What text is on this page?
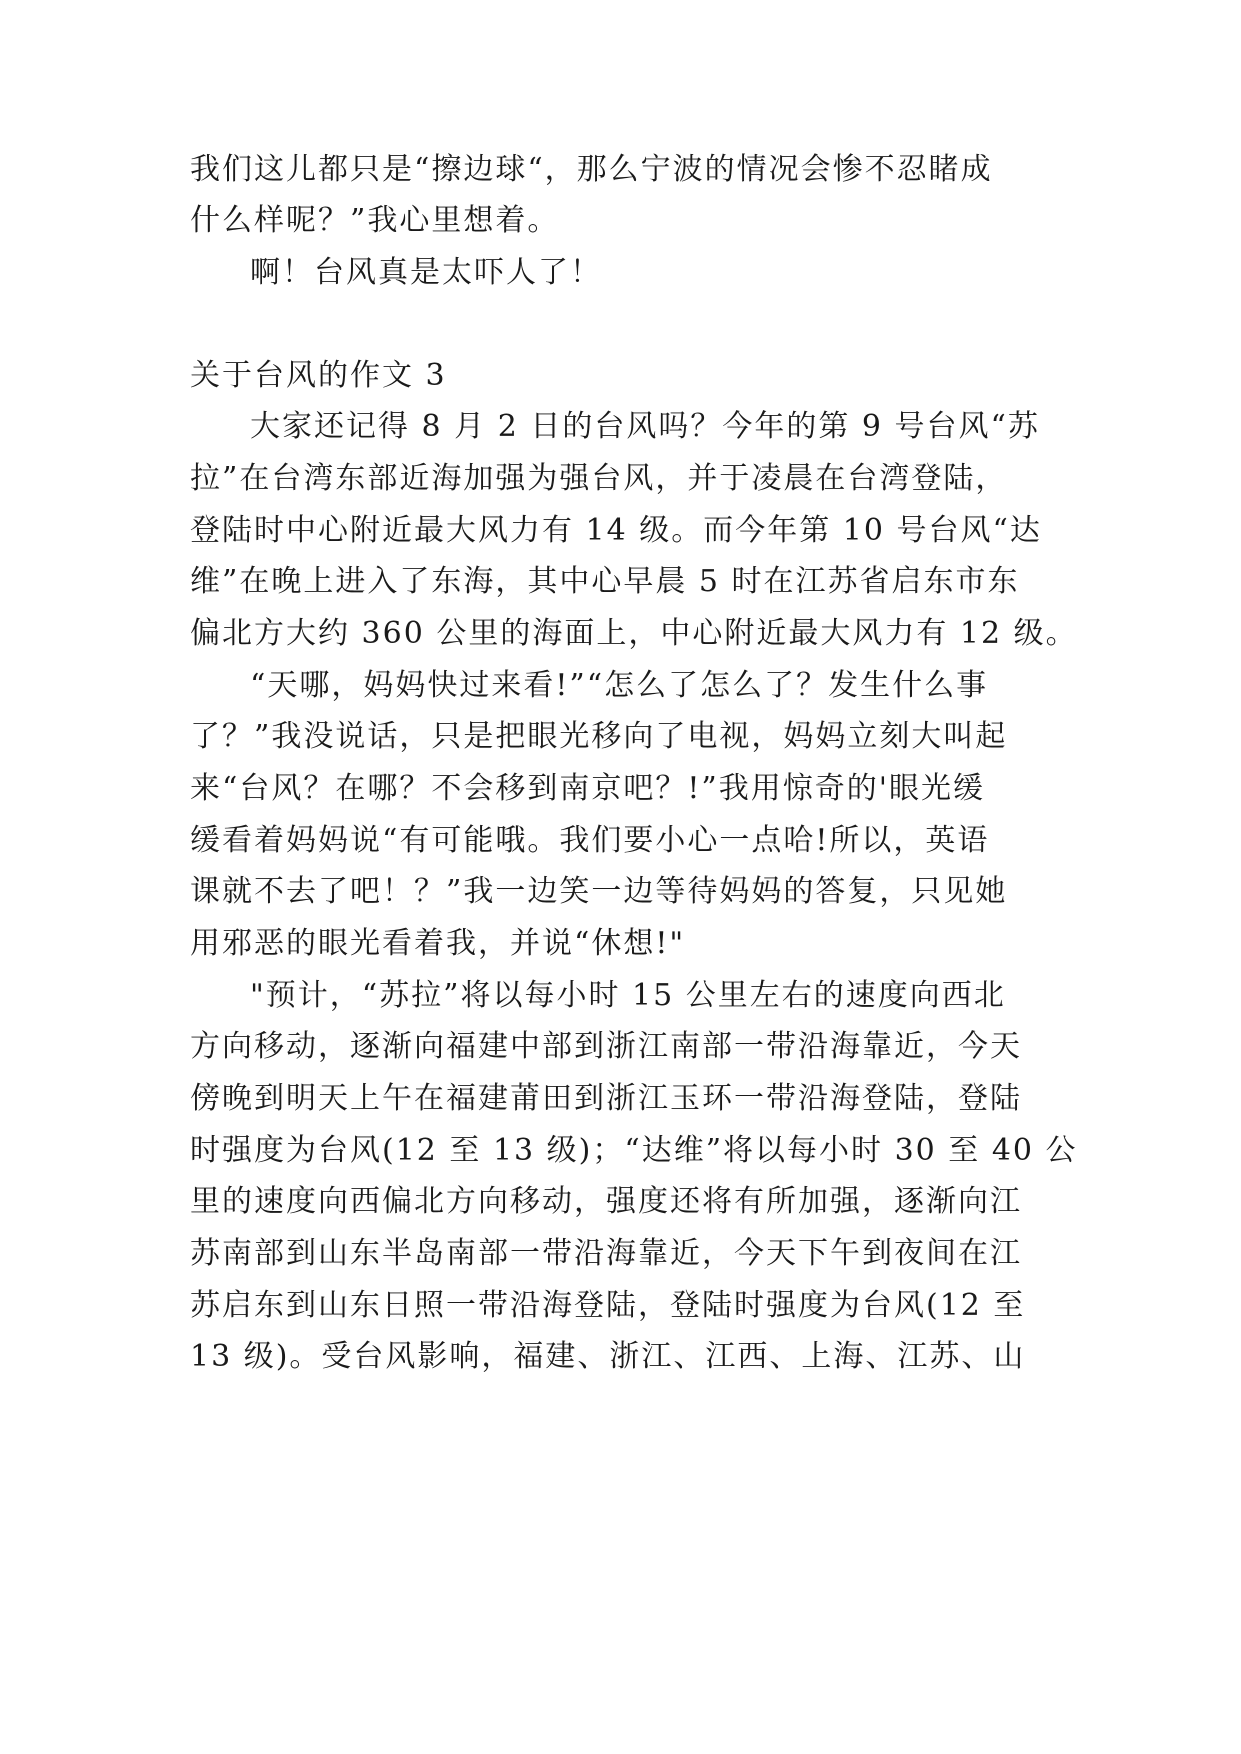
我们这儿都只是“擦边球“，那么宁波的情况会惨不忍睹成
什么样呢？”我心里想着。
啊！台风真是太吓人了！
关于台风的作文 3
大家还记得 8 月 2 日的台风吗？今年的第 9 号台风“苏
拉”在台湾东部近海加强为强台风，并于凌晨在台湾登陆，
登陆时中心附近最大风力有 14 级。而今年第 10 号台风“达
维”在晚上进入了东海，其中心早晨 5 时在江苏省启东市东
偏北方大约 360 公里的海面上，中心附近最大风力有 12 级。
“天哪，妈妈快过来看!”“怎么了怎么了？发生什么事
了？”我没说话，只是把眼光移向了电视，妈妈立刻大叫起
来“台风？在哪？不会移到南京吧？!”我用惊奇的'眼光缓
缓看着妈妈说“有可能哦。我们要小心一点哈!所以，英语
课就不去了吧！？”我一边笑一边等待妈妈的答复，只见她
用邪恶的眼光看着我，并说“休想!"
"预计，“苏拉”将以每小时 15 公里左右的速度向西北
方向移动，逐渐向福建中部到浙江南部一带沿海靠近，今天
傍晚到明天上午在福建莆田到浙江玉环一带沿海登陆，登陆
时强度为台风(12 至 13 级)；“达维”将以每小时 30 至 40 公
里的速度向西偏北方向移动，强度还将有所加强，逐渐向江
苏南部到山东半岛南部一带沿海靠近，今天下午到夜间在江
苏启东到山东日照一带沿海登陆，登陆时强度为台风(12 至
13 级)。受台风影响，福建、浙江、江西、上海、江苏、山
